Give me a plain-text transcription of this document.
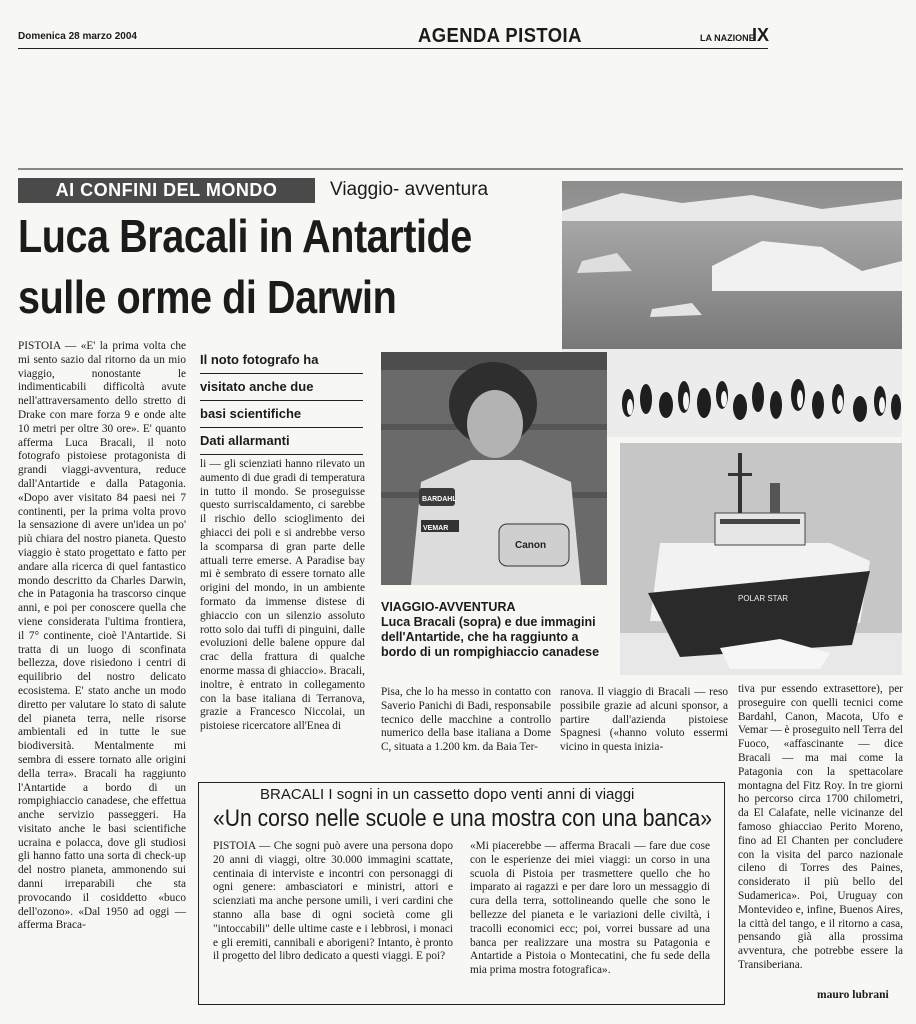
Domenica 28 marzo 2004	AGENDA PISTOIA	LA NAZIONE
IX
AI CONFINI DEL MONDO	Viaggio- avventura
Luca Bracali in Antartide
sulle orme di Darwin
POLAR STAR
BARDAHL
VEMAR
Canon
VIAGGIO-AVVENTURA
Luca Bracali (sopra) e due immagini dell'Antartide, che ha raggiunto a bordo di un rompighiaccio canadese
Il noto fotografo ha
visitato anche due
basi scientifiche
Dati allarmanti

PISTOIA — «E' la prima volta che mi sento sazio dal ritorno da un mio viaggio, nonostante le indimenticabili difficoltà avute nell'attraversamento dello stretto di Drake con mare forza 9 e onde alte 10 metri per oltre 30 ore». E' quanto afferma Luca Bracali, il noto fotografo pistoiese protagonista di grandi viaggi-avventura, reduce dall'Antartide e dalla Patagonia. «Dopo aver visitato 84 paesi nei 7 continenti, per la prima volta provo la sensazione di avere un'idea un po' più chiara del nostro pianeta. Questo viaggio è stato progettato e fatto per andare alla ricerca di quel fantastico mondo descritto da Charles Darwin, che in Patagonia ha trascorso cinque anni, e poi per conoscere quella che viene considerata l'ultima frontiera, il 7° continente, cioè l'Antartide. Si tratta di un luogo di sconfinata bellezza, dove risiedono i centri di equilibrio del nostro delicato ecosistema. E' stato anche un modo diretto per valutare lo stato di salute del pianeta terra, nelle risorse ambientali ed in tutte le sue biodiversità. Mentalmente mi sembra di essere tornato alle origini della terra». Bracali ha raggiunto l'Antartide a bordo di un rompighiaccio canadese, che effettua anche servizio passeggeri. Ha visitato anche le basi scientifiche ucraina e polacca, dove gli studiosi gli hanno fatto una sorta di check-up del nostro pianeta, ammonendo sui danni irreparabili che sta provocando il cosiddetto «buco dell'ozono». «Dal 1950 ad oggi — afferma Braca-

li — gli scienziati hanno rilevato un aumento di due gradi di temperatura in tutto il mondo. Se proseguisse questo surriscaldamento, ci sarebbe il rischio dello scioglimento dei ghiacci dei poli e si andrebbe verso la scomparsa di gran parte delle attuali terre emerse. A Paradise bay mi è sembrato di essere tornato alle origini del mondo, in un ambiente formato da immense distese di ghiaccio con un silenzio assoluto rotto solo dai tuffi di pinguini, dalle evoluzioni delle balene oppure dal crac della frattura di qualche enorme massa di ghiaccio». Bracali, inoltre, è entrato in collegamento con la base italiana di Terranova, grazie a Francesco Niccolai, un pistoiese ricercatore all'Enea di

Pisa, che lo ha messo in contatto con Saverio Panichi di Badi, responsabile tecnico delle macchine a controllo numerico della base italiana a Dome C, situata a 1.200 km. da Baia Ter-

ranova. Il viaggio di Bracali — reso possibile grazie ad alcuni sponsor, a partire dall'azienda pistoiese Spagnesi («hanno voluto essermi vicino in questa inizia-

tiva pur essendo extrasettore), per proseguire con quelli tecnici come Bardahl, Canon, Macota, Ufo e Vemar — è proseguito nell Terra del Fuoco, «affascinante — dice Bracali — ma mai come la Patagonia con la spettacolare montagna del Fitz Roy. In tre giorni ho percorso circa 1700 chilometri, da El Calafate, nelle vicinanze del famoso ghiacciao Perito Moreno, fino ad El Chanten per concludere con la visita del parco nazionale cileno di Torres des Paines, considerato il più bello del Sudamerica». Poi, Uruguay con Montevideo e, infine, Buenos Aires, la città del tango, e il ritorno a casa, pensando già alla prossima avventura, che potrebbe essere la Transiberiana.

mauro lubrani
BRACALI I sogni in un cassetto dopo venti anni di viaggi
«Un corso nelle scuole e una mostra con una banca»

PISTOIA — Che sogni può avere una persona dopo 20 anni di viaggi, oltre 30.000 immagini scattate, centinaia di interviste e incontri con personaggi di ogni genere: ambasciatori e ministri, attori e scienziati ma anche persone umili, i veri cardini che stanno alla base di ogni società come gli "intoccabili" delle ultime caste e i lebbrosi, i monaci e gli eremiti, cannibali e aborigeni? Intanto, è pronto il progetto del libro dedicato a questi viaggi. E poi?

«Mi piacerebbe — afferma Bracali — fare due cose con le esperienze dei miei viaggi: un corso in una scuola di Pistoia per trasmettere quello che ho imparato ai ragazzi e per dare loro un messaggio di cura della terra, sottolineando quelle che sono le bellezze del pianeta e le variazioni delle civiltà, i tracolli economici ecc; poi, vorrei bussare ad una banca per realizzare una mostra su Patagonia e Antartide a Pistoia o Montecatini, che fu sede della mia prima mostra fotografica».
